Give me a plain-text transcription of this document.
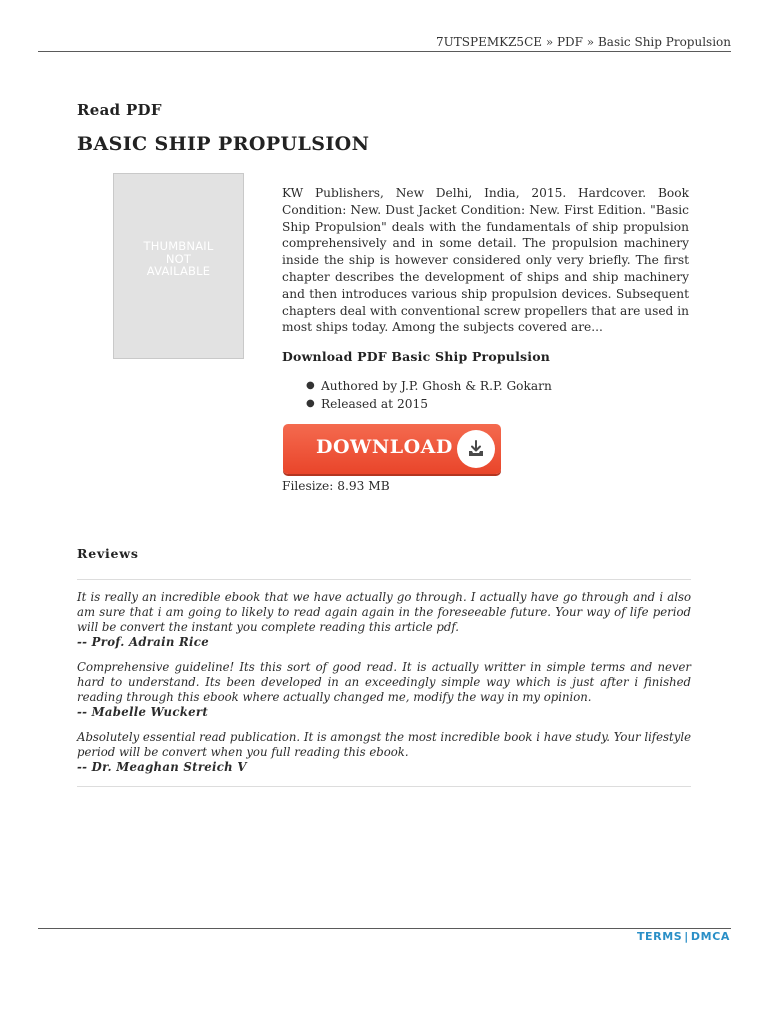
7UTSPEMKZ5CE » PDF » Basic Ship Propulsion
Read PDF
BASIC SHIP PROPULSION
THUMBNAIL
NOT
AVAILABLE
KW Publishers, New Delhi, India, 2015. Hardcover. Book Condition: New. Dust Jacket Condition: New. First Edition. "Basic Ship Propulsion" deals with the fundamentals of ship propulsion comprehensively and in some detail. The propulsion machinery inside the ship is however considered only very briefly. The first chapter describes the development of ships and ship machinery and then introduces various ship propulsion devices. Subsequent chapters deal with conventional screw propellers that are used in most ships today. Among the subjects covered are...
Download PDF Basic Ship Propulsion
● Authored by J.P. Ghosh & R.P. Gokarn
● Released at 2015
DOWNLOAD
Filesize: 8.93 MB
Reviews
It is really an incredible ebook that we have actually go through. I actually have go through and i also am sure that i am going to likely to read again again in the foreseeable future. Your way of life period will be convert the instant you complete reading this article pdf.
-- Prof. Adrain Rice
Comprehensive guideline! Its this sort of good read. It is actually writter in simple terms and never hard to understand. Its been developed in an exceedingly simple way which is just after i finished reading through this ebook where actually changed me, modify the way in my opinion.
-- Mabelle Wuckert
Absolutely essential read publication. It is amongst the most incredible book i have study. Your lifestyle period will be convert when you full reading this ebook.
-- Dr. Meaghan Streich V
TERMS | DMCA
